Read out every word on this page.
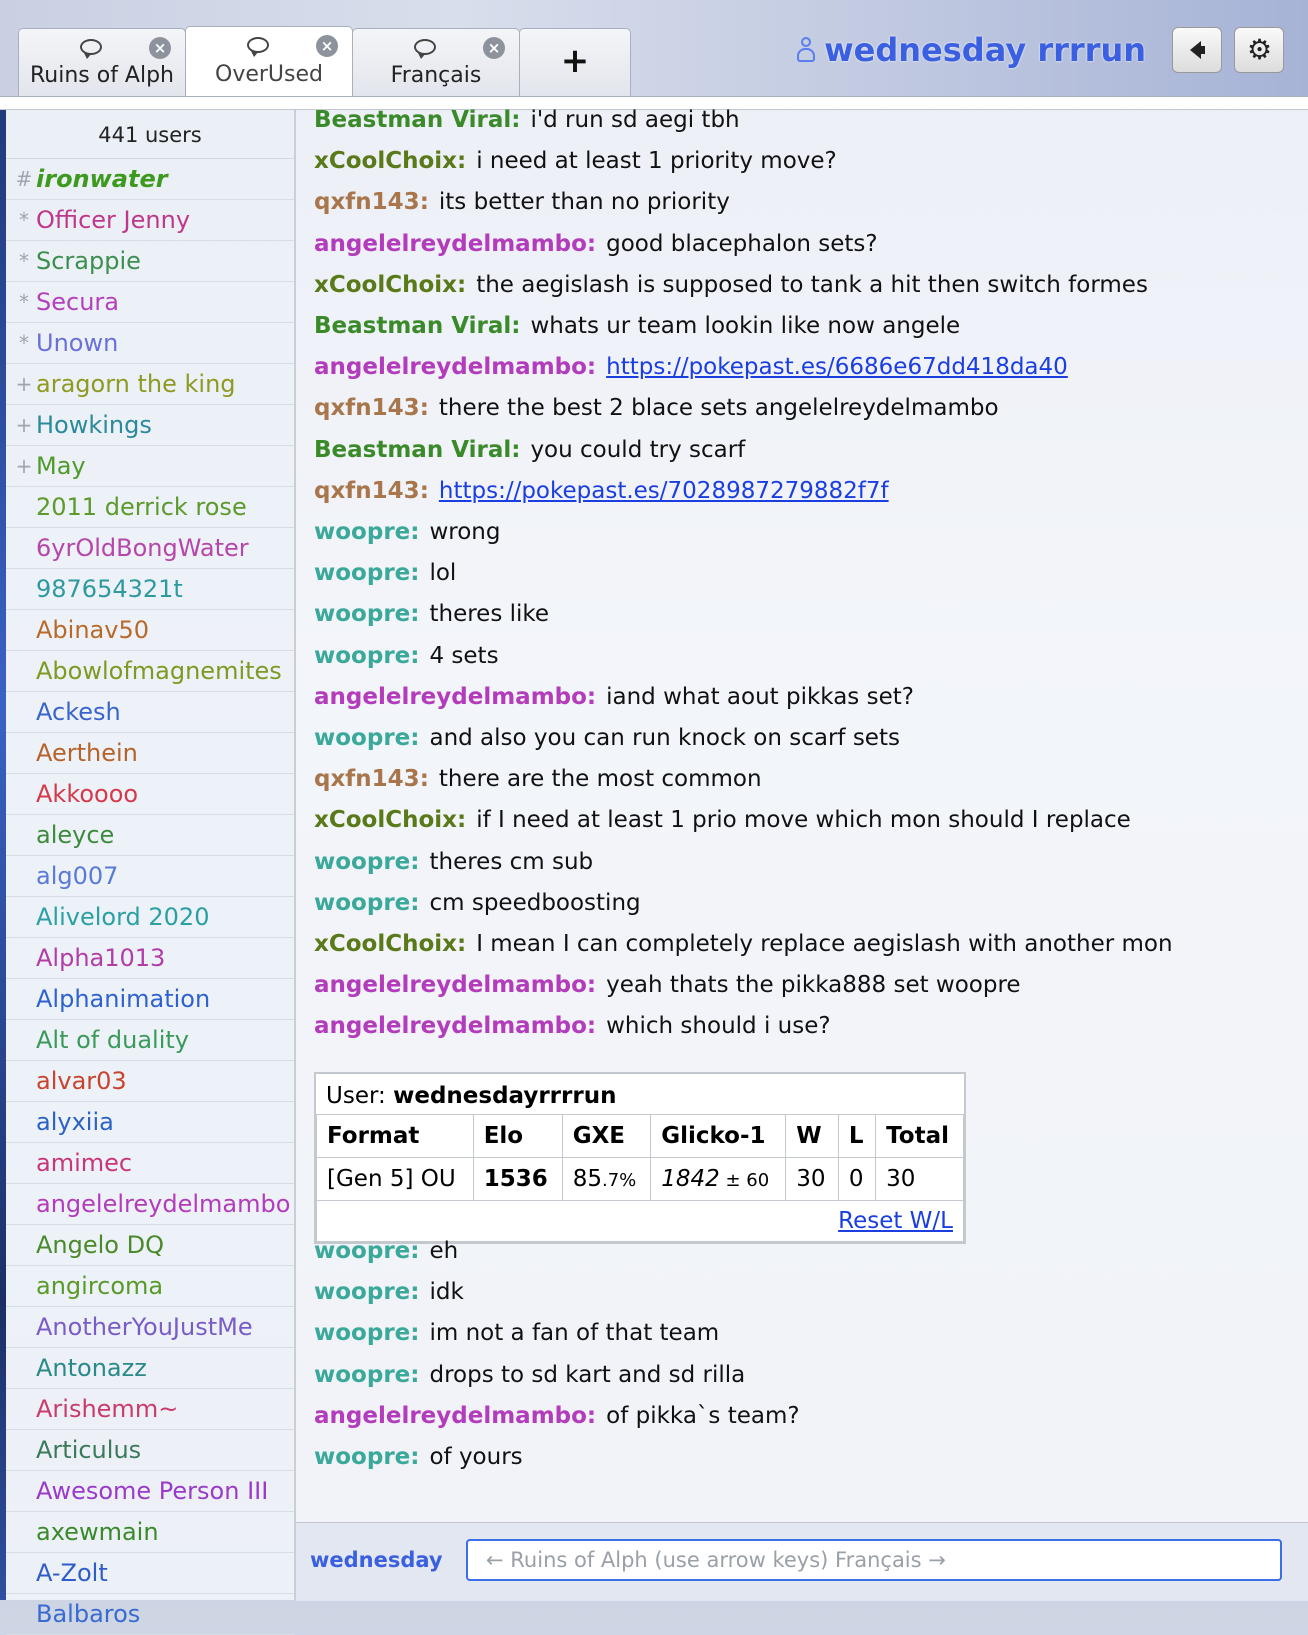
×
Ruins of Alph
×
OverUsed
×
Français	+	wednesday rrrrun	⚙
441 users
# ironwater
* Officer Jenny
* Scrappie
* Secura
* Unown
+ aragorn the king
+ Howkings
+ May
2011 derrick rose
6yrOldBongWater
987654321t
Abinav50
Abowlofmagnemites
Ackesh
Aerthein
Akkoooo
aleyce
alg007
Alivelord 2020
Alpha1013
Alphanimation
Alt of duality
alvar03
alyxiia
amimec
angelelreydelmambo
Angelo DQ
angircoma
AnotherYouJustMe
Antonazz
Arishemm~
Articulus
Awesome Person III
axewmain
A-Zolt
Balbaros
User: wednesdayrrrrun
Format	Elo	GXE	Glicko-1	W	L	Total
[Gen 5] OU	1536	85.7%	1842 ± 60	30	0	30
Reset W/L						
Beastman Viral: i'd run sd aegi tbh
xCoolChoix: i need at least 1 priority move?
qxfn143: its better than no priority
angelelreydelmambo: good blacephalon sets?
xCoolChoix: the aegislash is supposed to tank a hit then switch formes
Beastman Viral: whats ur team lookin like now angele
angelelreydelmambo: https://pokepast.es/6686e67dd418da40
qxfn143: there the best 2 blace sets angelelreydelmambo
Beastman Viral: you could try scarf
qxfn143: https://pokepast.es/7028987279882f7f
woopre: wrong
woopre: lol
woopre: theres like
woopre: 4 sets
angelelreydelmambo: iand what aout pikkas set?
woopre: and also you can run knock on scarf sets
qxfn143: there are the most common
xCoolChoix: if I need at least 1 prio move which mon should I replace
woopre: theres cm sub
woopre: cm speedboosting
xCoolChoix: I mean I can completely replace aegislash with another mon
angelelreydelmambo: yeah thats the pikka888 set woopre
angelelreydelmambo: which should i use?
woopre: eh
woopre: idk
woopre: im not a fan of that team
woopre: drops to sd kart and sd rilla
angelelreydelmambo: of pikka`s team?
woopre: of yours
wednesday
← Ruins of Alph (use arrow keys) Français →
